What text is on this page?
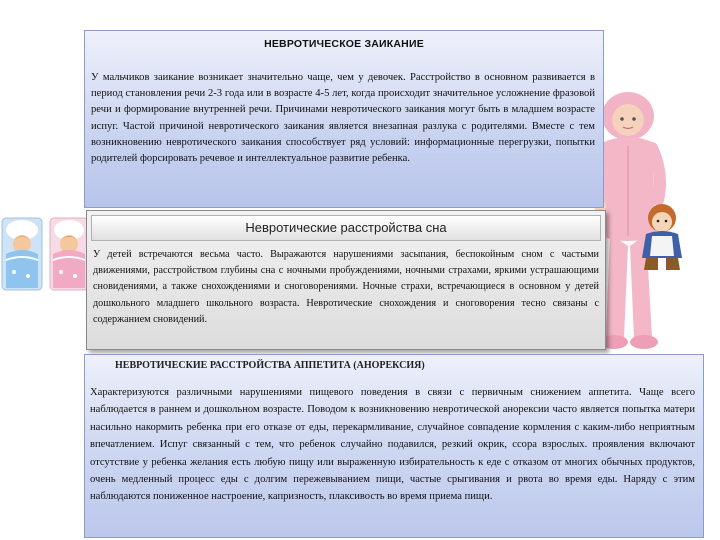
НЕВРОТИЧЕСКОЕ ЗАИКАНИЕ
У мальчиков заикание возникает значительно чаще, чем у девочек. Расстройство в основном развивается в период становления речи 2-3 года или в возрасте 4-5 лет, когда происходит значительное усложнение фразовой речи и формирование внутренней речи. Причинами невротического заикания могут быть в младшем возрасте испуг. Частой причиной невротического заикания является внезапная разлука с родителями. Вместе с тем возникновению невротического заикания способствует ряд условий: информационные перегрузки, попытки родителей форсировать речевое и интеллектуальное развитие ребенка.
Невротические расстройства сна
У детей встречаются весьма часто. Выражаются нарушениями засыпания, беспокойным сном с частыми движениями, расстройством глубины сна с ночными пробуждениями, ночными страхами, яркими устрашающими сновидениями, а также снохождениями и сноговорениями. Ночные страхи, встречающиеся в основном у детей дошкольного младшего школьного возраста. Невротические снохождения и сноговорения тесно связаны с содержанием сновидений.
НЕВРОТИЧЕСКИЕ РАССТРОЙСТВА АППЕТИТА (АНОРЕКСИЯ)
Характеризуются различными нарушениями пищевого поведения в связи с первичным снижением аппетита. Чаще всего наблюдается в раннем и дошкольном возрасте. Поводом к возникновению невротической анорексии часто является попытка матери насильно накормить ребенка при его отказе от еды, перекармливание, случайное совпадение кормления с каким-либо неприятным впечатлением. Испуг связанный с тем, что ребенок случайно подавился, резкий окрик, ссора взрослых. проявления включают отсутствие у ребенка желания есть любую пищу или выраженную избирательность к еде с отказом от многих обычных продуктов, очень медленный процесс еды с долгим пережевыванием пищи, частые срыгивания и рвота во время еды. Наряду с этим наблюдаются пониженное настроение, капризность, плаксивость во время приема пищи.
